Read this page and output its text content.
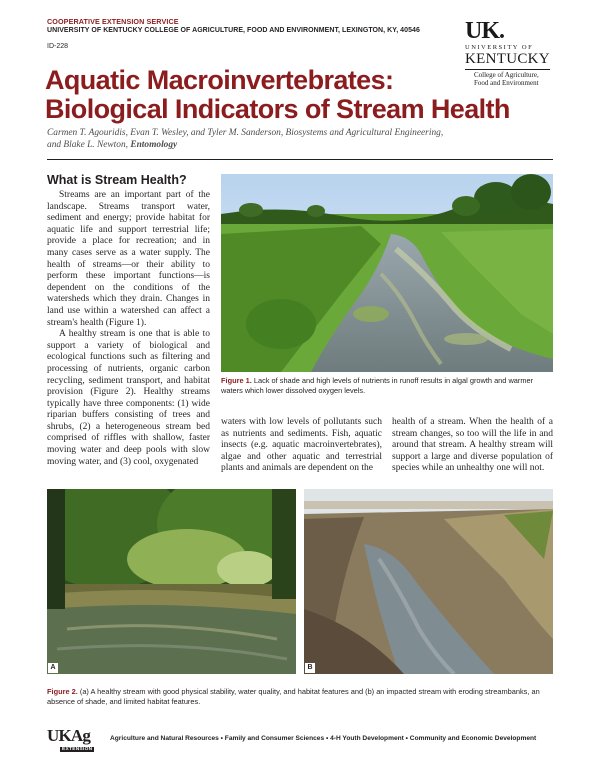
COOPERATIVE EXTENSION SERVICE
UNIVERSITY OF KENTUCKY COLLEGE OF AGRICULTURE, FOOD AND ENVIRONMENT, LEXINGTON, KY, 40546
ID-228
UK.
UNIVERSITY OF
KENTUCKY
College of Agriculture,
Food and Environment
Aquatic Macroinvertebrates:
Biological Indicators of Stream Health
Carmen T. Agouridis, Evan T. Wesley, and Tyler M. Sanderson, Biosystems and Agricultural Engineering,
and Blake L. Newton, Entomology
What is Stream Health?

Streams are an important part of the landscape. Streams transport water, sediment and energy; provide habitat for aquatic life and support terrestrial life; provide a place for recreation; and in many cases serve as a water supply. The health of streams—or their ability to perform these important functions—is dependent on the conditions of the watersheds which they drain. Changes in land use within a watershed can affect a stream's health (Figure 1).

A healthy stream is one that is able to support a variety of biological and ecological functions such as filtering and processing of nutrients, organic carbon recycling, sediment transport, and habitat provision (Figure 2). Healthy streams typically have three components: (1) wide riparian buffers consisting of trees and shrubs, (2) a heterogeneous stream bed comprised of riffles with shallow, faster moving water and deep pools with slow moving water, and (3) cool, oxygenated

Figure 1. Lack of shade and high levels of nutrients in runoff results in algal growth and warmer waters which lower dissolved oxygen levels.
waters with low levels of pollutants such as nutrients and sediments. Fish, aquatic insects (e.g. aquatic macroinvertebrates), algae and other aquatic and terrestrial plants and animals are dependent on the
health of a stream. When the health of a stream changes, so too will the life in and around that stream. A healthy stream will support a large and diverse population of species while an unhealthy one will not.
A	B
Figure 2. (a) A healthy stream with good physical stability, water quality, and habitat features and (b) an impacted stream with eroding streambanks, an absence of shade, and limited habitat features.
UKAg
EXTENSION
Agriculture and Natural Resources • Family and Consumer Sciences • 4-H Youth Development • Community and Economic Development
